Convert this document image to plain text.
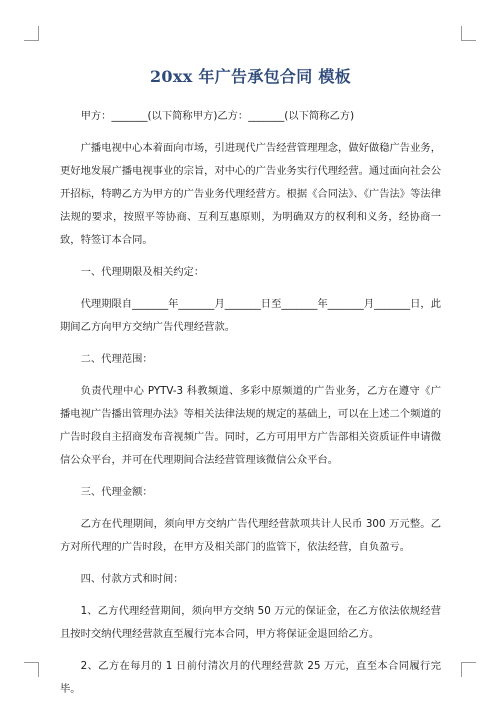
20xx 年广告承包合同 模板

甲方：_______(以下简称甲方)乙方：_______(以下简称乙方)

广播电视中心本着面向市场，引进现代广告经营管理理念，做好做稳广告业务，更好地发展广播电视事业的宗旨，对中心的广告业务实行代理经营。通过面向社会公开招标，特聘乙方为甲方的广告业务代理经营方。根据《合同法》、《广告法》等法律法规的要求，按照平等协商、互利互惠原则，为明确双方的权利和义务，经协商一致，特签订本合同。

一、代理期限及相关约定：

代理期限自_______年_______月_______日至_______年_______月_______日，此期间乙方向甲方交纳广告代理经营款。

二、代理范围：

负责代理中心 PYTV-3 科教频道、多彩中原频道的广告业务，乙方在遵守《广播电视广告播出管理办法》等相关法律法规的规定的基础上，可以在上述二个频道的广告时段自主招商发布音视频广告。同时，乙方可用甲方广告部相关资质证件申请微信公众平台，并可在代理期间合法经营管理该微信公众平台。

三、代理金额：

乙方在代理期间，须向甲方交纳广告代理经营款项共计人民币 300 万元整。乙方对所代理的广告时段，在甲方及相关部门的监管下，依法经营，自负盈亏。

四、付款方式和时间：

1、乙方代理经营期间，须向甲方交纳 50 万元的保证金，在乙方依法依规经营且按时交纳代理经营款直至履行完本合同，甲方将保证金退回给乙方。

2、乙方在每月的 1 日前付清次月的代理经营款 25 万元，直至本合同履行完毕。
